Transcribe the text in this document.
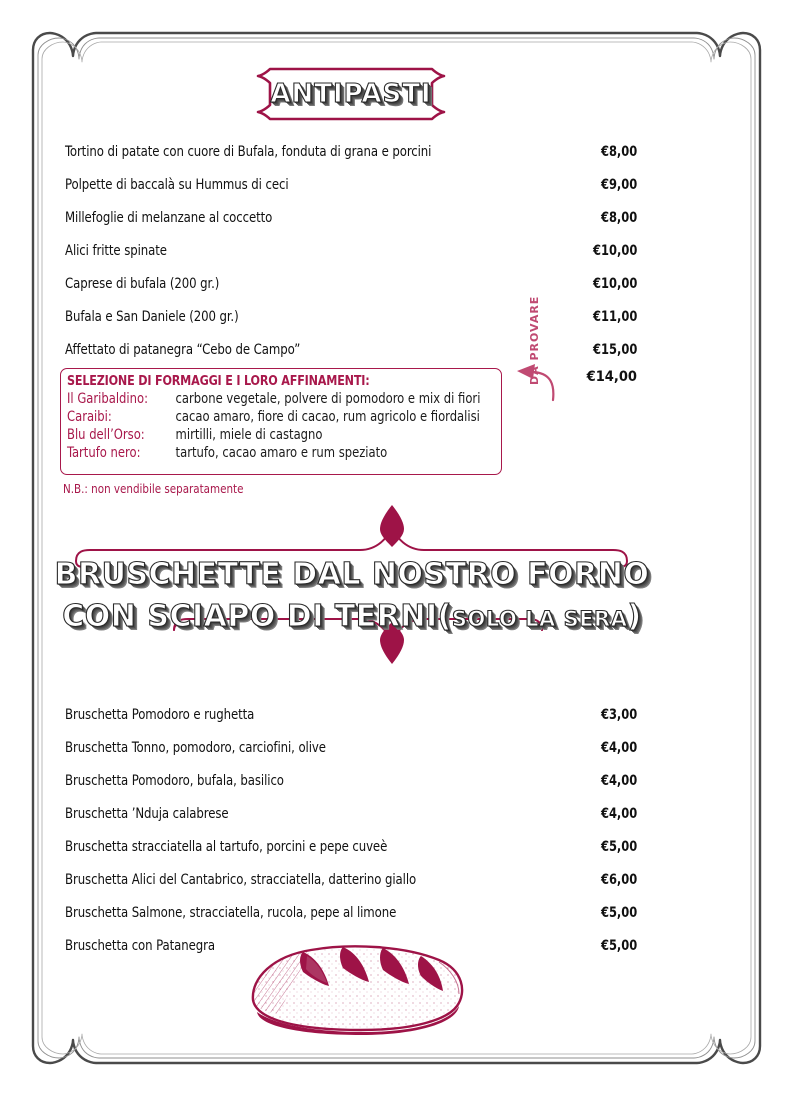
ANTIPASTI
Tortino di patate con cuore di Bufala, fonduta di grana e porcini	€8,00
Polpette di baccalà su Hummus di ceci	€9,00
Millefoglie di melanzane al coccetto	€8,00
Alici fritte spinate	€10,00
Caprese di bufala (200 gr.)	€10,00
Bufala e San Daniele (200 gr.)	€11,00
Affettato di patanegra “Cebo de Campo”	€15,00
€14,00
SELEZIONE DI FORMAGGI E I LORO AFFINAMENTI:
Il Garibaldino:	carbone vegetale, polvere di pomodoro e mix di fiori
Caraibi:	cacao amaro, fiore di cacao, rum agricolo e fiordalisi
Blu dell’Orso:	mirtilli, miele di castagno
Tartufo nero:	tartufo, cacao amaro e rum speziato
N.B.: non vendibile separatamente
DA PROVARE
BRUSCHETTE DAL NOSTRO FORNO
CON SCIAPO DI TERNI(SOLO LA SERA)
Bruschetta Pomodoro e rughetta	€3,00
Bruschetta Tonno, pomodoro, carciofini, olive	€4,00
Bruschetta Pomodoro, bufala, basilico	€4,00
Bruschetta ’Nduja calabrese	€4,00
Bruschetta stracciatella al tartufo, porcini e pepe cuveè	€5,00
Bruschetta Alici del Cantabrico, stracciatella, datterino giallo	€6,00
Bruschetta Salmone, stracciatella, rucola, pepe al limone	€5,00
Bruschetta con Patanegra	€5,00
